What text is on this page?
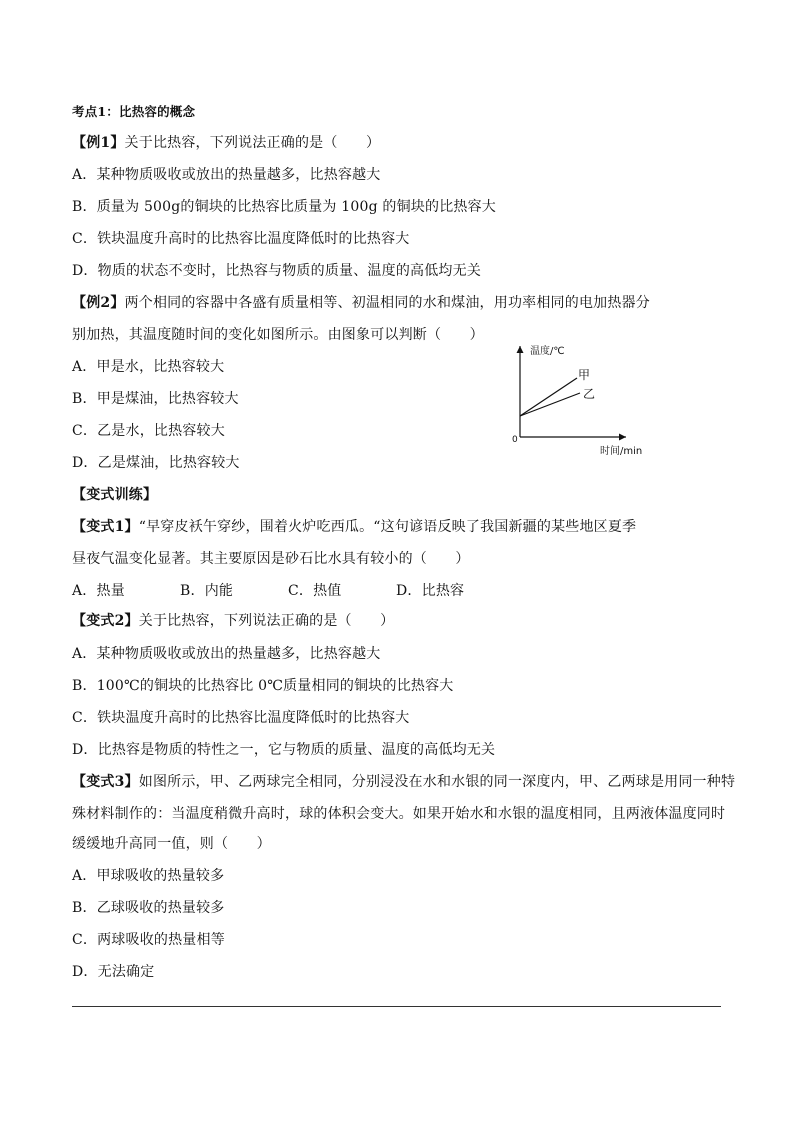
考点1：比热容的概念
【例1】关于比热容，下列说法正确的是（　　）
A．某种物质吸收或放出的热量越多，比热容越大
B．质量为 500g的铜块的比热容比质量为 100g 的铜块的比热容大
C．铁块温度升高时的比热容比温度降低时的比热容大
D．物质的状态不变时，比热容与物质的质量、温度的高低均无关
【例2】两个相同的容器中各盛有质量相等、初温相同的水和煤油，用功率相同的电加热器分
别加热，其温度随时间的变化如图所示。由图象可以判断（　　）
A．甲是水，比热容较大
B．甲是煤油，比热容较大
C．乙是水，比热容较大
D．乙是煤油，比热容较大
温度/℃
时间/min
0
甲
乙
【变式训练】
【变式1】“早穿皮袄午穿纱，围着火炉吃西瓜。“这句谚语反映了我国新疆的某些地区夏季
昼夜气温变化显著。其主要原因是砂石比水具有较小的（　　）
A．热量	B．内能	C．热值	D．比热容
【变式2】关于比热容，下列说法正确的是（　　）
A．某种物质吸收或放出的热量越多，比热容越大
B．100℃的铜块的比热容比 0℃质量相同的铜块的比热容大
C．铁块温度升高时的比热容比温度降低时的比热容大
D．比热容是物质的特性之一，它与物质的质量、温度的高低均无关
【变式3】如图所示，甲、乙两球完全相同，分别浸没在水和水银的同一深度内，甲、乙两球是用同一种特
殊材料制作的：当温度稍微升高时，球的体积会变大。如果开始水和水银的温度相同，且两液体温度同时
缓缓地升高同一值，则（　　）
A．甲球吸收的热量较多
B．乙球吸收的热量较多
C．两球吸收的热量相等
D．无法确定
